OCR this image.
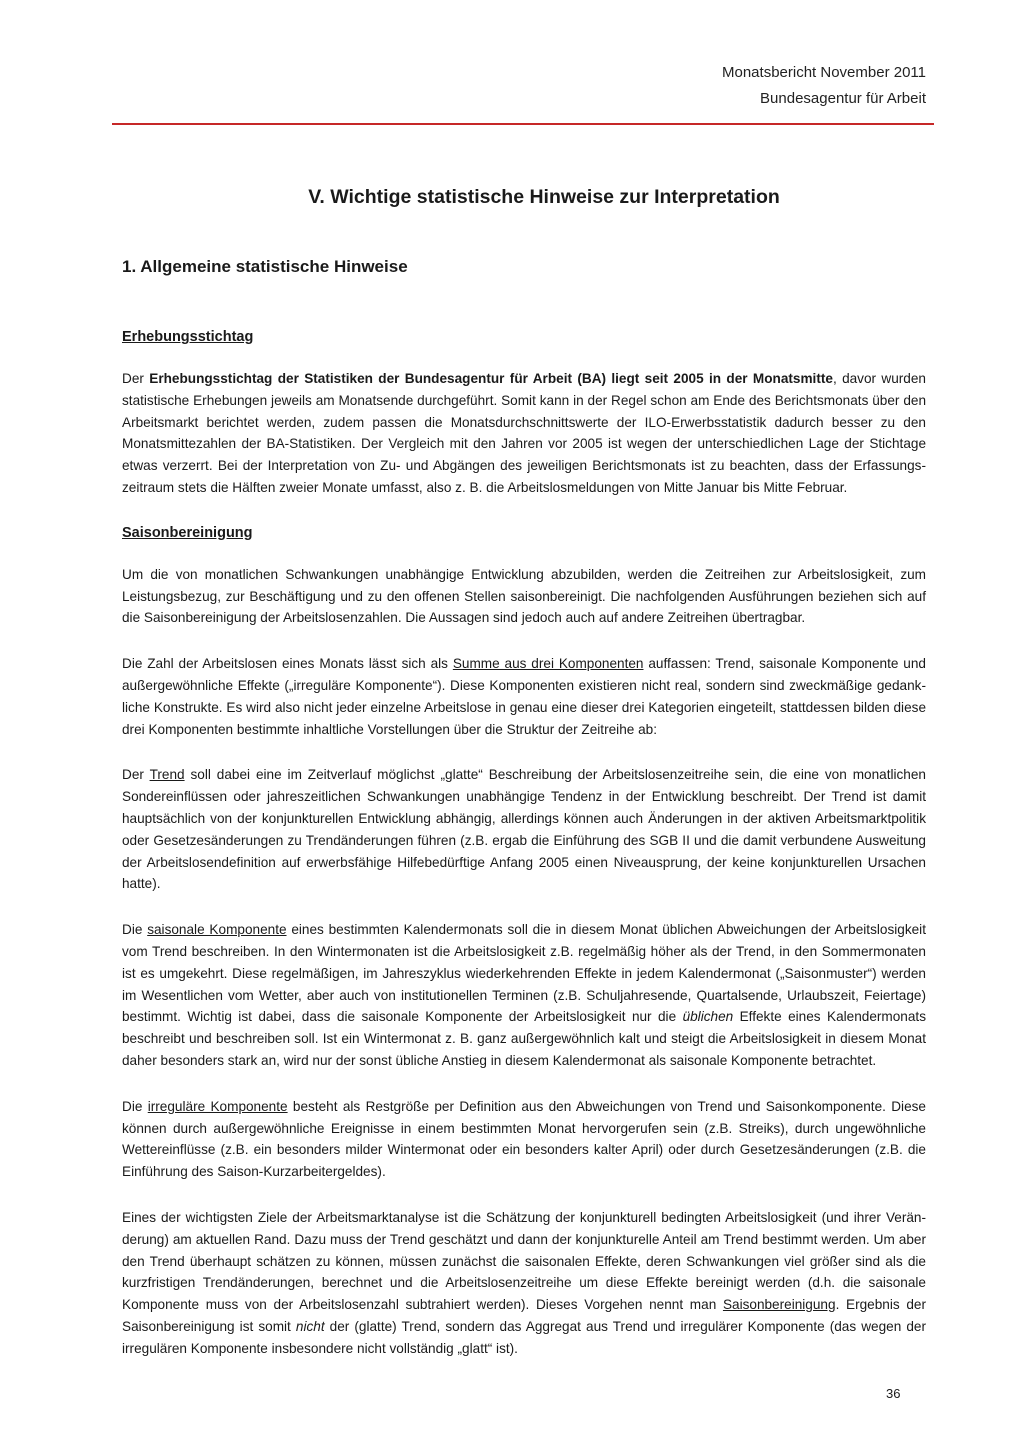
Monatsbericht November 2011
Bundesagentur für Arbeit
V. Wichtige statistische Hinweise zur Interpretation
1. Allgemeine statistische Hinweise
Erhebungsstichtag

Der Erhebungsstichtag der Statistiken der Bundesagentur für Arbeit (BA) liegt seit 2005 in der Monatsmitte, davor wurden statistische Erhebungen jeweils am Monatsende durchgeführt. Somit kann in der Regel schon am Ende des Berichtsmonats über den Arbeitsmarkt berichtet werden, zudem passen die Monatsdurchschnittswerte der ILO-Erwerbsstatistik dadurch besser zu den Monatsmittezahlen der BA-Statistiken. Der Vergleich mit den Jahren vor 2005 ist wegen der unterschiedlichen Lage der Stichtage etwas verzerrt. Bei der Interpretation von Zu- und Abgängen des jeweiligen Berichtsmonats ist zu beachten, dass der Erfassungszeitraum stets die Hälften zweier Monate umfasst, also z. B. die Arbeitslosmeldungen von Mitte Januar bis Mitte Februar.

Saisonbereinigung

Um die von monatlichen Schwankungen unabhängige Entwicklung abzubilden, werden die Zeitreihen zur Arbeitslosigkeit, zum Leistungsbezug, zur Beschäftigung und zu den offenen Stellen saisonbereinigt. Die nachfolgenden Ausführungen beziehen sich auf die Saisonbereinigung der Arbeitslosenzahlen. Die Aussagen sind jedoch auch auf andere Zeitreihen übertragbar.

Die Zahl der Arbeitslosen eines Monats lässt sich als Summe aus drei Komponenten auffassen: Trend, saisonale Komponente und außergewöhnliche Effekte („irreguläre Komponente“). Diese Komponenten existieren nicht real, sondern sind zweckmäßige gedankliche Konstrukte. Es wird also nicht jeder einzelne Arbeitslose in genau eine dieser drei Kategorien eingeteilt, stattdessen bilden diese drei Komponenten bestimmte inhaltliche Vorstellungen über die Struktur der Zeitreihe ab:

Der Trend soll dabei eine im Zeitverlauf möglichst „glatte“ Beschreibung der Arbeitslosenzeitreihe sein, die eine von monatlichen Sondereinflüssen oder jahreszeitlichen Schwankungen unabhängige Tendenz in der Entwicklung beschreibt. Der Trend ist damit hauptsächlich von der konjunkturellen Entwicklung abhängig, allerdings können auch Änderungen in der aktiven Arbeitsmarktpolitik oder Gesetzesänderungen zu Trendänderungen führen (z.B. ergab die Einführung des SGB II und die damit verbundene Ausweitung der Arbeitslosendefinition auf erwerbsfähige Hilfebedürftige Anfang 2005 einen Niveausprung, der keine konjunkturellen Ursachen hatte).

Die saisonale Komponente eines bestimmten Kalendermonats soll die in diesem Monat üblichen Abweichungen der Arbeitslosigkeit vom Trend beschreiben. In den Wintermonaten ist die Arbeitslosigkeit z.B. regelmäßig höher als der Trend, in den Sommermonaten ist es umgekehrt. Diese regelmäßigen, im Jahreszyklus wiederkehrenden Effekte in jedem Kalendermonat („Saisonmuster“) werden im Wesentlichen vom Wetter, aber auch von institutionellen Terminen (z.B. Schuljahresende, Quartalsende, Urlaubszeit, Feiertage) bestimmt. Wichtig ist dabei, dass die saisonale Komponente der Arbeitslosigkeit nur die üblichen Effekte eines Kalendermonats beschreibt und beschreiben soll. Ist ein Wintermonat z. B. ganz außergewöhnlich kalt und steigt die Arbeitslosigkeit in diesem Monat daher besonders stark an, wird nur der sonst übliche Anstieg in diesem Kalendermonat als saisonale Komponente betrachtet.

Die irreguläre Komponente besteht als Restgröße per Definition aus den Abweichungen von Trend und Saisonkomponente. Diese können durch außergewöhnliche Ereignisse in einem bestimmten Monat hervorgerufen sein (z.B. Streiks), durch ungewöhnliche Wettereinflüsse (z.B. ein besonders milder Wintermonat oder ein besonders kalter April) oder durch Gesetzesänderungen (z.B. die Einführung des Saison-Kurzarbeitergeldes).

Eines der wichtigsten Ziele der Arbeitsmarktanalyse ist die Schätzung der konjunkturell bedingten Arbeitslosigkeit (und ihrer Veränderung) am aktuellen Rand. Dazu muss der Trend geschätzt und dann der konjunkturelle Anteil am Trend bestimmt werden. Um aber den Trend überhaupt schätzen zu können, müssen zunächst die saisonalen Effekte, deren Schwankungen viel größer sind als die kurzfristigen Trendänderungen, berechnet und die Arbeitslosenzeitreihe um diese Effekte bereinigt werden (d.h. die saisonale Komponente muss von der Arbeitslosenzahl subtrahiert werden). Dieses Vorgehen nennt man Saisonbereinigung. Ergebnis der Saisonbereinigung ist somit nicht der (glatte) Trend, sondern das Aggregat aus Trend und irregulärer Komponente (das wegen der irregulären Komponente insbesondere nicht vollständig „glatt“ ist).

36
